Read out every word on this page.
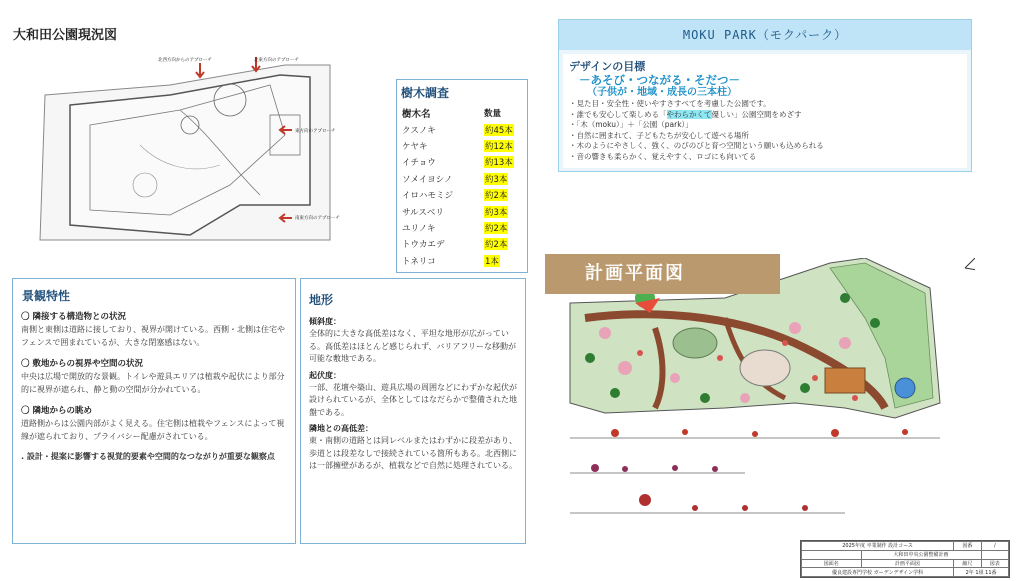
大和田公園現況図
北西方向からのアプローチ	北東方向のアプローチ
東方向のアプローチ
南東方向のアプローチ
樹木調査
樹木名	数量
クスノキ	約45本
ケヤキ	約12本
イチョウ	約13本
ソメイヨシノ	約3本
イロハモミジ	約2本
サルスベリ	約3本
ユリノキ	約2本
トウカエデ	約2本
トネリコ	1本
景観特性
〇 隣接する構造物との状況
南側と東側は道路に接しており、視界が開けている。西側・北側は住宅やフェンスで囲まれているが、大きな閉塞感はない。
〇 敷地からの視界や空間の状況
中央は広場で開放的な景観。トイレや遊具エリアは植栽や起伏により部分的に視界が遮られ、静と動の空間が分かれている。
〇 隣地からの眺め
道路側からは公園内部がよく見える。住宅側は植栽やフェンスによって視線が遮られており、プライバシー配慮がされている。
. 設計・提案に影響する視覚的要素や空間的なつながりが重要な観察点
地形
傾斜度：
全体的に大きな高低差はなく、平坦な地形が広がっている。高低差はほとんど感じられず、バリアフリーな移動が可能な敷地である。
起伏度：
一部、花壇や築山、遊具広場の周囲などにわずかな起伏が設けられているが、全体としてはなだらかで整備された地盤である。
隣地との高低差：
東・南側の道路とは同レベルまたはわずかに段差があり、歩道とは段差なしで接続されている箇所もある。北西側には一部擁壁があるが、植栽などで自然に処理されている。
MOKU PARK（モクパーク）
デザインの目標
－あそび・つながる・そだつ－
（子供が・地域・成長の三本柱）
・見た目・安全性・使いやすさすべてを考慮した公園です。
・誰でも安心して楽しめる「やわらかくて優しい」公園空間をめざす
・「木（moku）」＋「公園（park）」
・自然に囲まれて、子どもたちが安心して遊べる場所
・木のようにやさしく、強く、のびのびと育つ空間という願いも込められる
・音の響きも柔らかく、覚えやすく、ロゴにも向いてる
計画平面図
2025年度 卒業制作 設計コース		図番	/
	大和田中央公園整備計画		
図面名	計画平面図	縮尺	図表
優良建設専門学校 ガーデンデザイン学科		2年 1組 11番	
